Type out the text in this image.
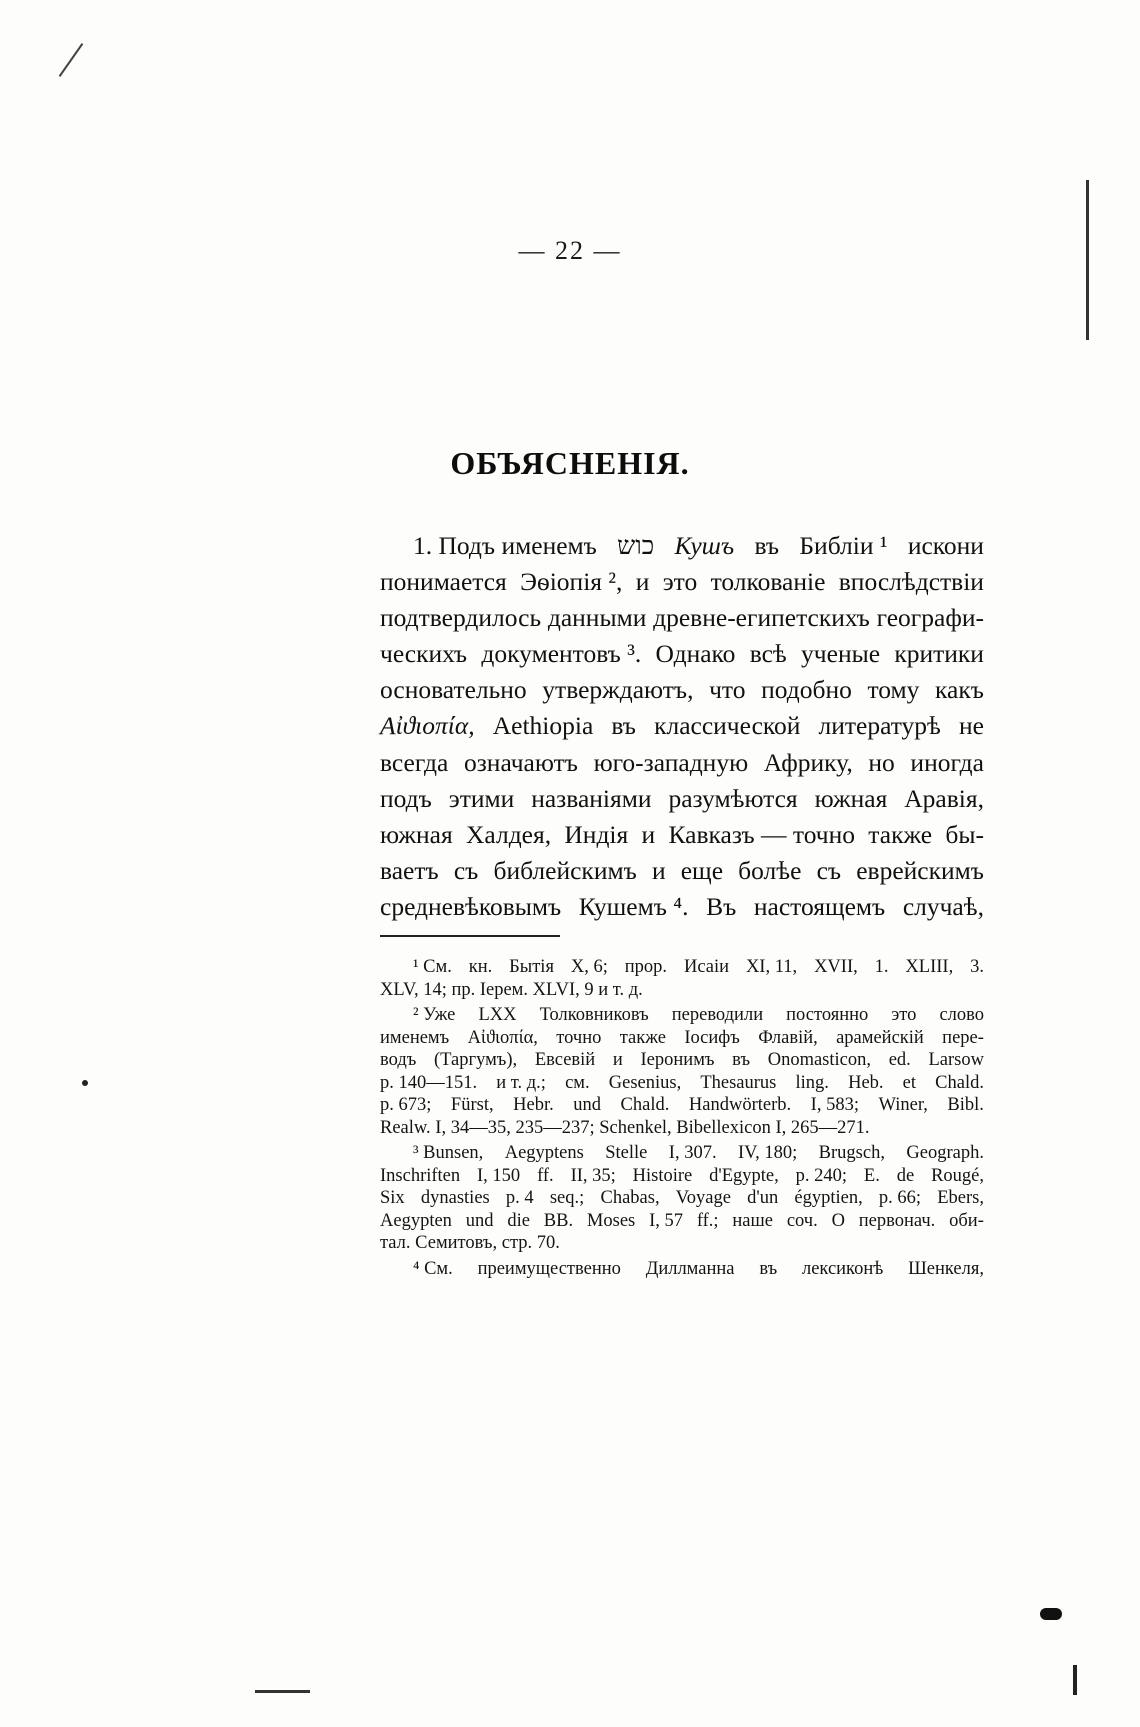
— 22 —
ОБЪЯСНЕНІЯ.
1. Подъ именемъ כוש Кушъ въ Библіи ¹ искони
понимается Эѳіопія ², и это толкованіе впослѣдствіи
подтвердилось данными древне-египетскихъ географи-
ческихъ документовъ ³. Однако всѣ ученые критики
основательно утверждаютъ, что подобно тому какъ
Αἰϑιοπία, Aethiopia въ классической литературѣ не
всегда означаютъ юго-западную Африку, но иногда
подъ этими названіями разумѣются южная Аравія,
южная Халдея, Индія и Кавказъ — точно также бы-
ваетъ съ библейскимъ и еще болѣе съ еврейскимъ
средневѣковымъ Кушемъ ⁴. Въ настоящемъ случаѣ,
¹ См. кн. Бытія X, 6; прор. Исаіи XI, 11, XVII, 1. XLIII, 3.
XLV, 14; пр. Іерем. XLVI, 9 и т. д.
² Уже LXX Толковниковъ переводили постоянно это слово
именемъ Αἰϑιοπία, точно также Іосифъ Флавій, арамейскій пере-
водъ (Таргумъ), Евсевій и Іеронимъ въ Onomasticon, ed. Larsow
p. 140—151. и т. д.; см. Gesenius, Thesaurus ling. Heb. et Chald.
p. 673; Fürst, Hebr. und Chald. Handwörterb. I, 583; Winer, Bibl.
Realw. I, 34—35, 235—237; Schenkel, Bibellexicon I, 265—271.
³ Bunsen, Aegyptens Stelle I, 307. IV, 180; Brugsch, Geograph.
Inschriften I, 150 ff. II, 35; Histoire d'Egypte, p. 240; E. de Rougé,
Six dynasties p. 4 seq.; Chabas, Voyage d'un égyptien, p. 66; Ebers,
Aegypten und die BB. Moses I, 57 ff.; наше соч. О первонач. оби-
тал. Семитовъ, стр. 70.
⁴ См. преимущественно Диллманна въ лексиконѣ Шенкеля,
